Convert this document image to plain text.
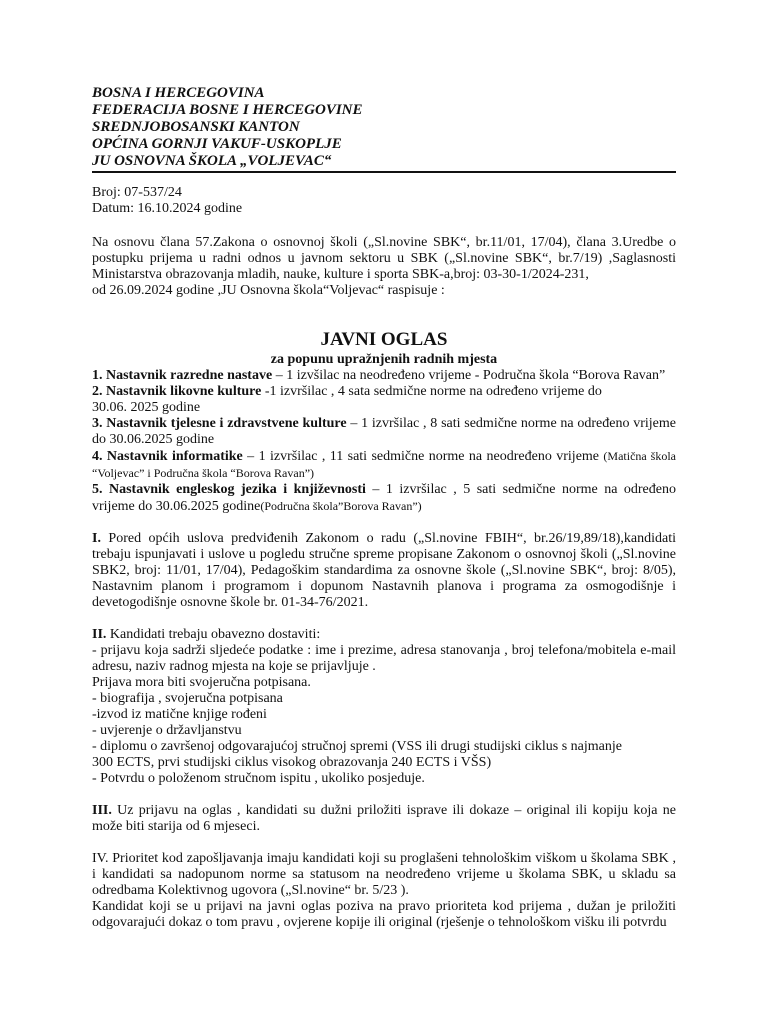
BOSNA I HERCEGOVINA

FEDERACIJA BOSNE I HERCEGOVINE

SREDNJOBOSANSKI KANTON

OPĆINA GORNJI VAKUF-USKOPLJE

JU OSNOVNA ŠKOLA „VOLJEVAC“

Broj: 07-537/24

Datum: 16.10.2024 godine

Na osnovu člana 57.Zakona o osnovnoj školi („Sl.novine SBK“, br.11/01, 17/04), člana 3.Uredbe o postupku prijema u radni odnos u javnom sektoru u SBK („Sl.novine SBK“, br.7/19) ,Saglasnosti Ministarstva obrazovanja mladih, nauke, kulture i sporta SBK-a,broj: 03-30-1/2024-231,
od 26.09.2024 godine ,JU Osnovna škola“Voljevac“ raspisuje :
JAVNI OGLAS
za popunu upražnjenih radnih mjesta

1. Nastavnik razredne nastave – 1 izvšilac na neodređeno vrijeme - Područna škola “Borova Ravan”

2. Nastavnik likovne kulture -1 izvršilac , 4 sata sedmične norme na određeno vrijeme do

30.06. 2025 godine

3. Nastavnik tjelesne i zdravstvene kulture – 1 izvršilac , 8 sati sedmične norme na određeno vrijeme do 30.06.2025 godine

4. Nastavnik informatike – 1 izvršilac , 11 sati sedmične norme na neodređeno vrijeme (Matična škola “Voljevac” i Područna škola “Borova Ravan”)

5. Nastavnik engleskog jezika i književnosti – 1 izvršilac , 5 sati sedmične norme na određeno vrijeme do 30.06.2025 godine(Područna škola”Borova Ravan”)

I. Pored općih uslova predviđenih Zakonom o radu („Sl.novine FBIH“, br.26/19,89/18),kandidati trebaju ispunjavati i uslove u pogledu stručne spreme propisane Zakonom o osnovnoj školi („Sl.novine SBK2, broj: 11/01, 17/04), Pedagoškim standardima za osnovne škole („Sl.novine SBK“, broj: 8/05), Nastavnim planom i programom i dopunom Nastavnih planova i programa za osmogodišnje i devetogodišnje osnovne škole br. 01-34-76/2021.

II. Kandidati trebaju obavezno dostaviti:

- prijavu koja sadrži sljedeće podatke : ime i prezime, adresa stanovanja , broj telefona/mobitela e-mail adresu, naziv radnog mjesta na koje se prijavljuje .

Prijava mora biti svojeručna potpisana.

- biografija , svojeručna potpisana

-izvod iz matične knjige rođeni

- uvjerenje o državljanstvu

- diplomu o završenoj odgovarajućoj stručnoj spremi (VSS ili drugi studijski ciklus s najmanje

300 ECTS, prvi studijski ciklus visokog obrazovanja 240 ECTS i VŠS)

- Potvrdu o položenom stručnom ispitu , ukoliko posjeduje.

III. Uz prijavu na oglas , kandidati su dužni priložiti isprave ili dokaze – original ili kopiju koja ne može biti starija od 6 mjeseci.

IV. Prioritet kod zapošljavanja imaju kandidati koji su proglašeni tehnološkim viškom u školama SBK , i kandidati sa nadopunom norme sa statusom na neodređeno vrijeme u školama SBK, u skladu sa odredbama Kolektivnog ugovora („Sl.novine“ br. 5/23 ).

Kandidat koji se u prijavi na javni oglas poziva na pravo prioriteta kod prijema , dužan je priložiti odgovarajući dokaz o tom pravu , ovjerene kopije ili original (rješenje o tehnološkom višku ili potvrdu
